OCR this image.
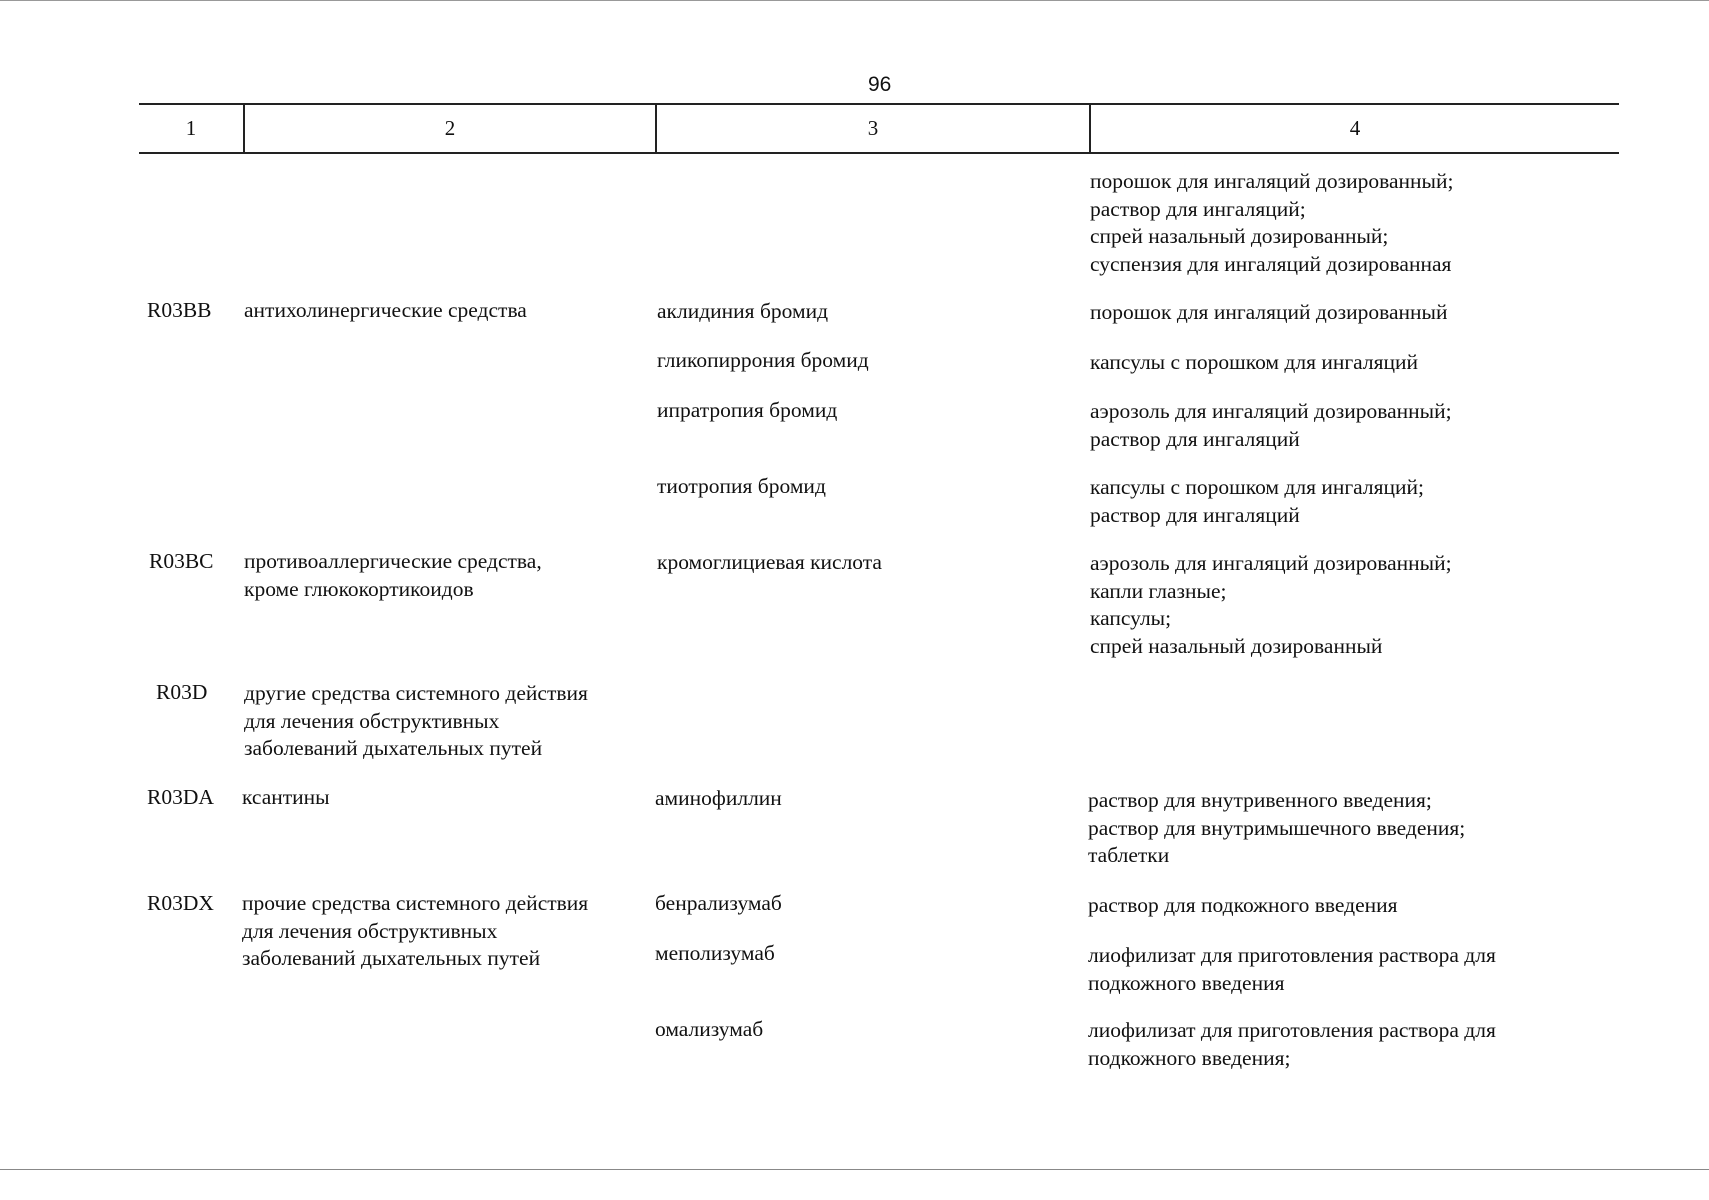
96
1	2	3	4
порошок для ингаляций дозированный;
раствор для ингаляций;
спрей назальный дозированный;
суспензия для ингаляций дозированная
R03BB антихолинергические средства	аклидиния бромид	порошок для ингаляций дозированный
гликопиррония бромид	капсулы с порошком для ингаляций
ипратропия бромид	аэрозоль для ингаляций дозированный;
раствор для ингаляций
тиотропия бромид	капсулы с порошком для ингаляций;
раствор для ингаляций
R03BC противоаллергические средства,
кроме глюкокортикоидов
кромоглициевая кислота	аэрозоль для ингаляций дозированный;
капли глазные;
капсулы;
спрей назальный дозированный
R03D другие средства системного действия
для лечения обструктивных
заболеваний дыхательных путей
R03DA ксантины	аминофиллин	раствор для внутривенного введения;
раствор для внутримышечного введения;
таблетки
R03DX прочие средства системного действия
для лечения обструктивных
заболеваний дыхательных путей
бенрализумаб	раствор для подкожного введения
меполизумаб	лиофилизат для приготовления раствора для
подкожного введения
омализумаб	лиофилизат для приготовления раствора для
подкожного введения;
